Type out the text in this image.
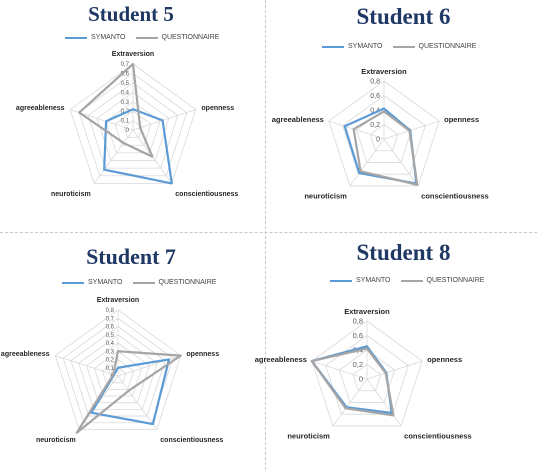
Student 5
SYMANTO	QUESTIONNAIRE
0
0,1
0,2
0,3
0,4
0,5
0,6
0,7
Extraversion
openness
conscientiousness
neuroticism
agreeableness
Student 6
SYMANTO	QUESTIONNAIRE
0
0,2
0,4
0,6
0,8
Extraversion
openness
conscientiousness
neuroticism
agreeableness
Student 7
SYMANTO	QUESTIONNAIRE
0
0,1
0,2
0,3
0,4
0,5
0,6
0,7
0,8
Extraversion
openness
conscientiousness
neuroticism
agreeableness
Student 8
SYMANTO	QUESTIONNAIRE
0
0,2
0,4
0,6
0,8
Extraversion
openness
conscientiousness
neuroticism
agreeableness
